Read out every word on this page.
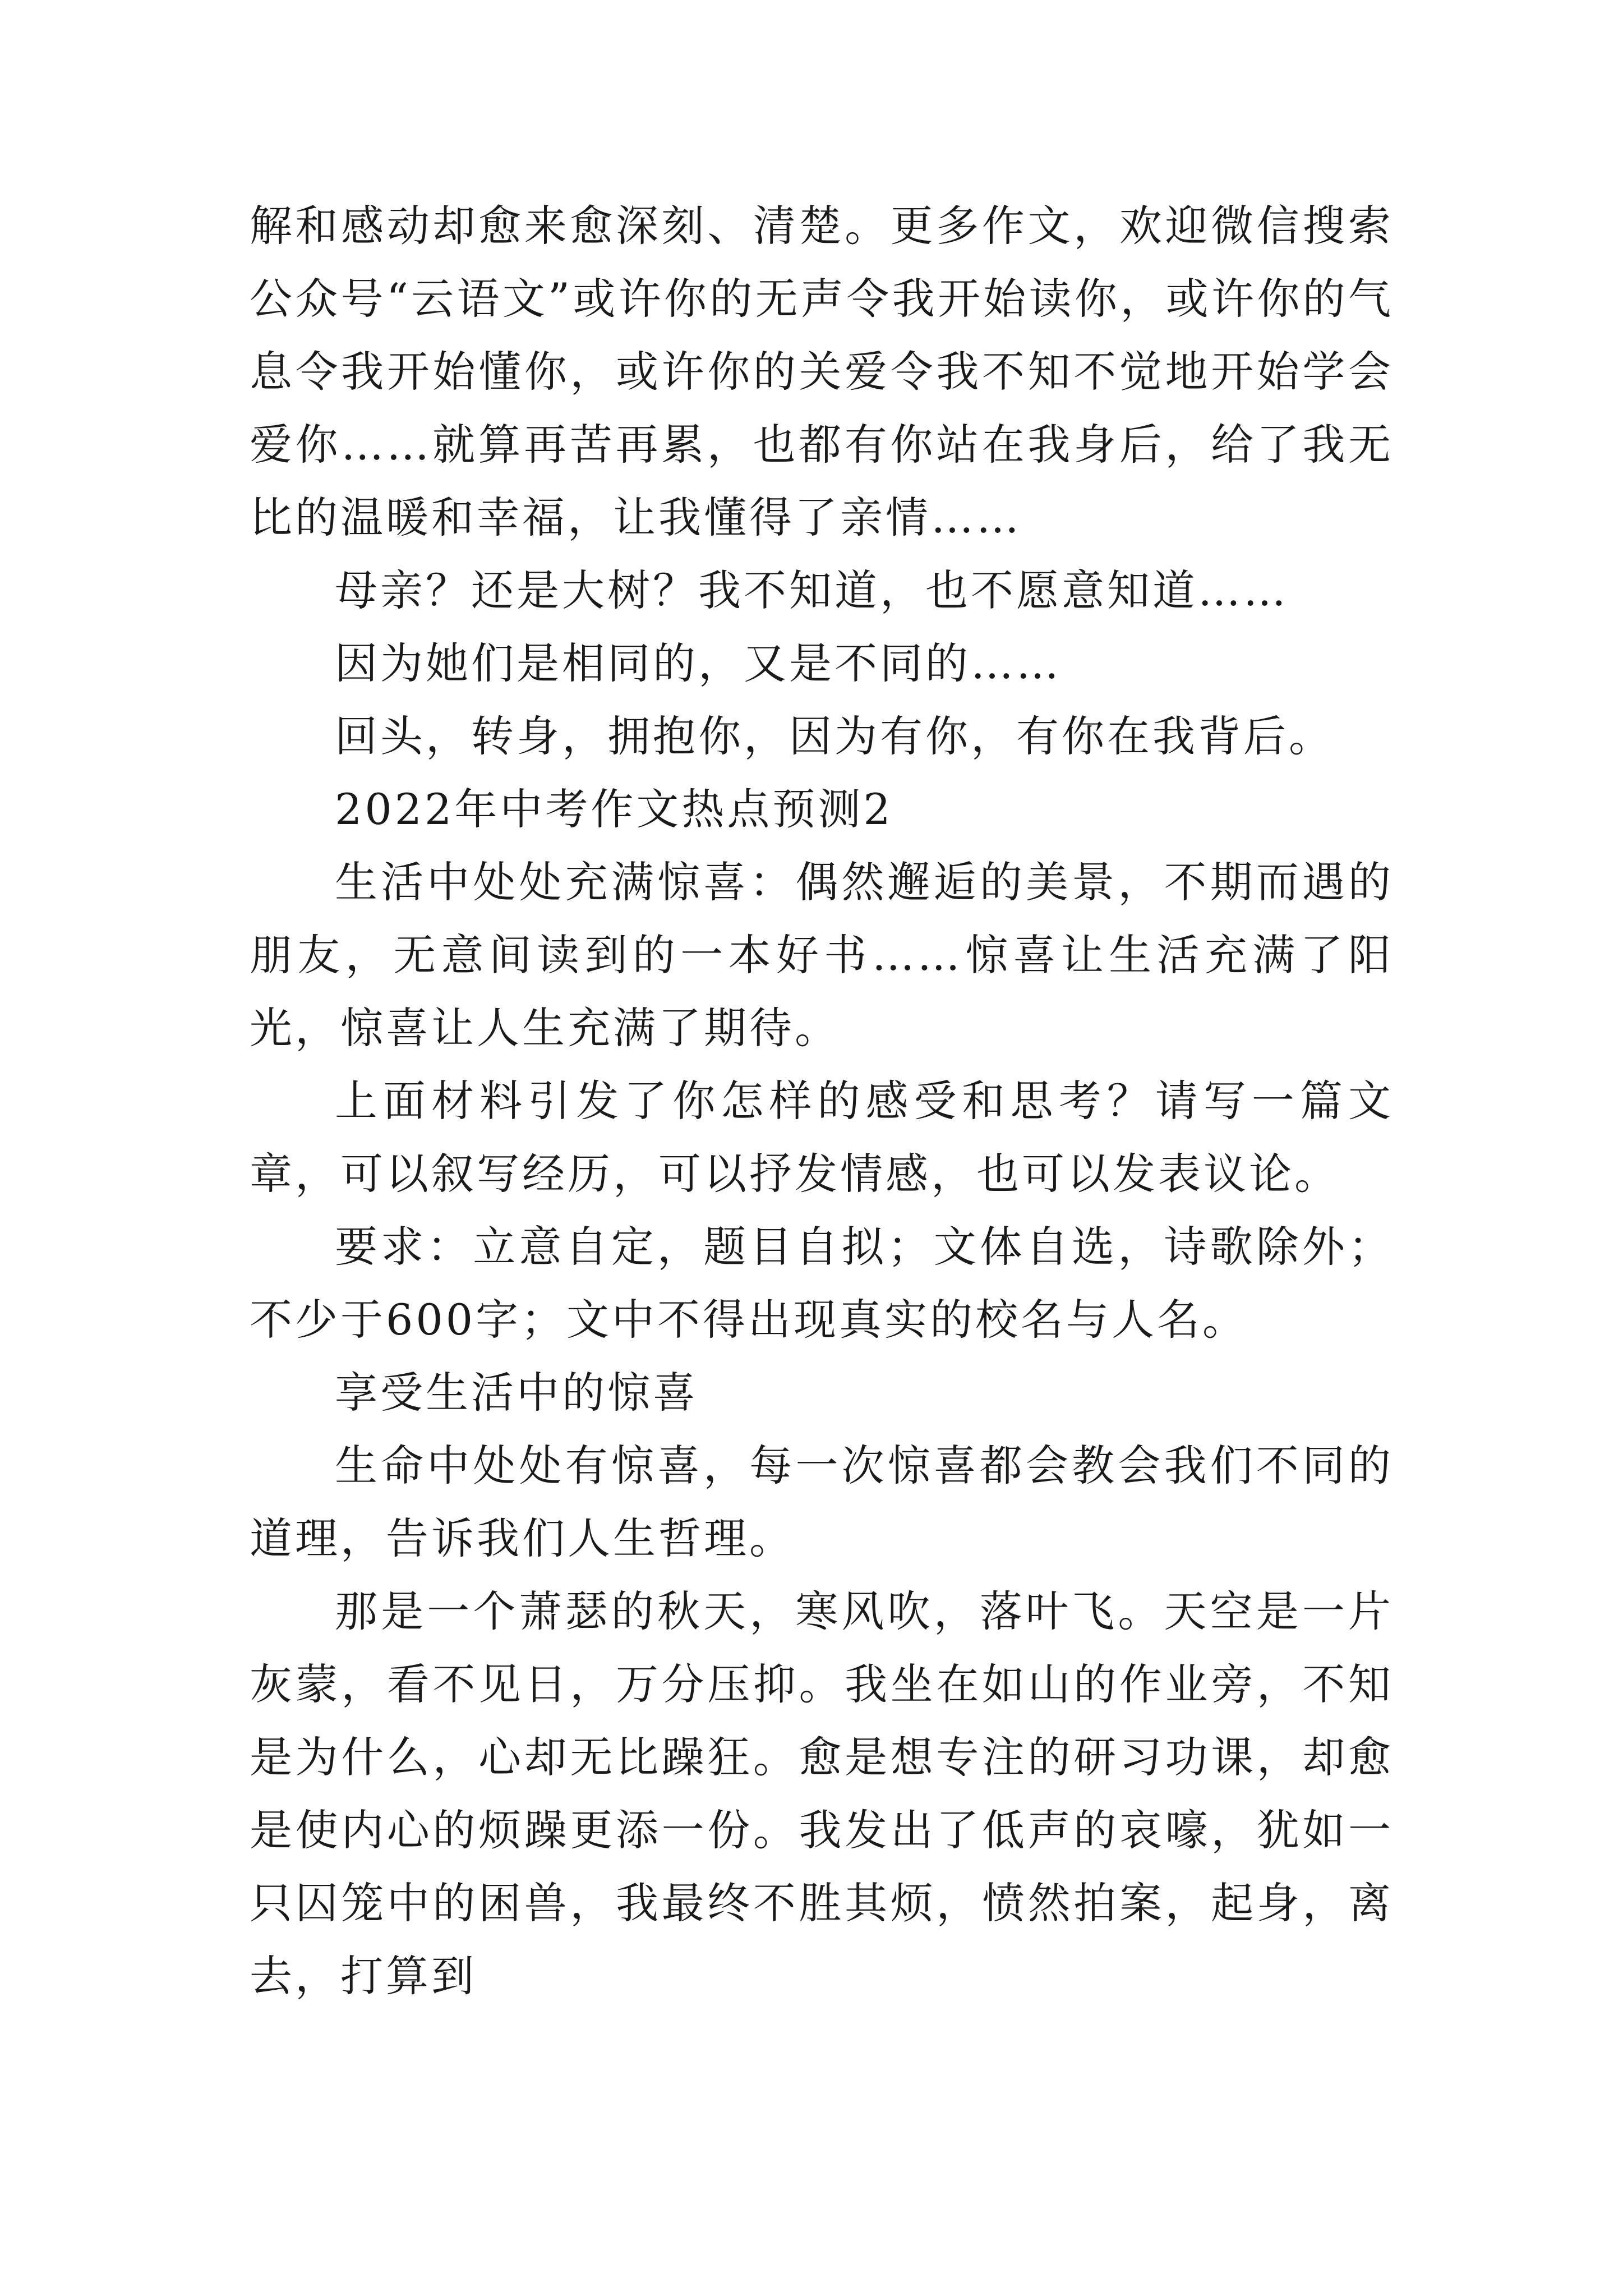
解和感动却愈来愈深刻、清楚。更多作文，欢迎微信搜索公众号“云语文”或许你的无声令我开始读你，或许你的气息令我开始懂你，或许你的关爱令我不知不觉地开始学会爱你……就算再苦再累，也都有你站在我身后，给了我无比的温暖和幸福，让我懂得了亲情……

母亲？还是大树？我不知道，也不愿意知道……

因为她们是相同的，又是不同的……

回头，转身，拥抱你，因为有你，有你在我背后。

2022年中考作文热点预测2

生活中处处充满惊喜：偶然邂逅的美景，不期而遇的朋友，无意间读到的一本好书……惊喜让生活充满了阳光，惊喜让人生充满了期待。

上面材料引发了你怎样的感受和思考？请写一篇文章，可以叙写经历，可以抒发情感，也可以发表议论。

要求：立意自定，题目自拟；文体自选，诗歌除外；不少于600字；文中不得出现真实的校名与人名。

享受生活中的惊喜

生命中处处有惊喜，每一次惊喜都会教会我们不同的道理，告诉我们人生哲理。

那是一个萧瑟的秋天，寒风吹，落叶飞。天空是一片灰蒙，看不见日，万分压抑。我坐在如山的作业旁，不知是为什么，心却无比躁狂。愈是想专注的研习功课，却愈是使内心的烦躁更添一份。我发出了低声的哀嚎，犹如一只囚笼中的困兽，我最终不胜其烦，愤然拍案，起身，离去，打算到
